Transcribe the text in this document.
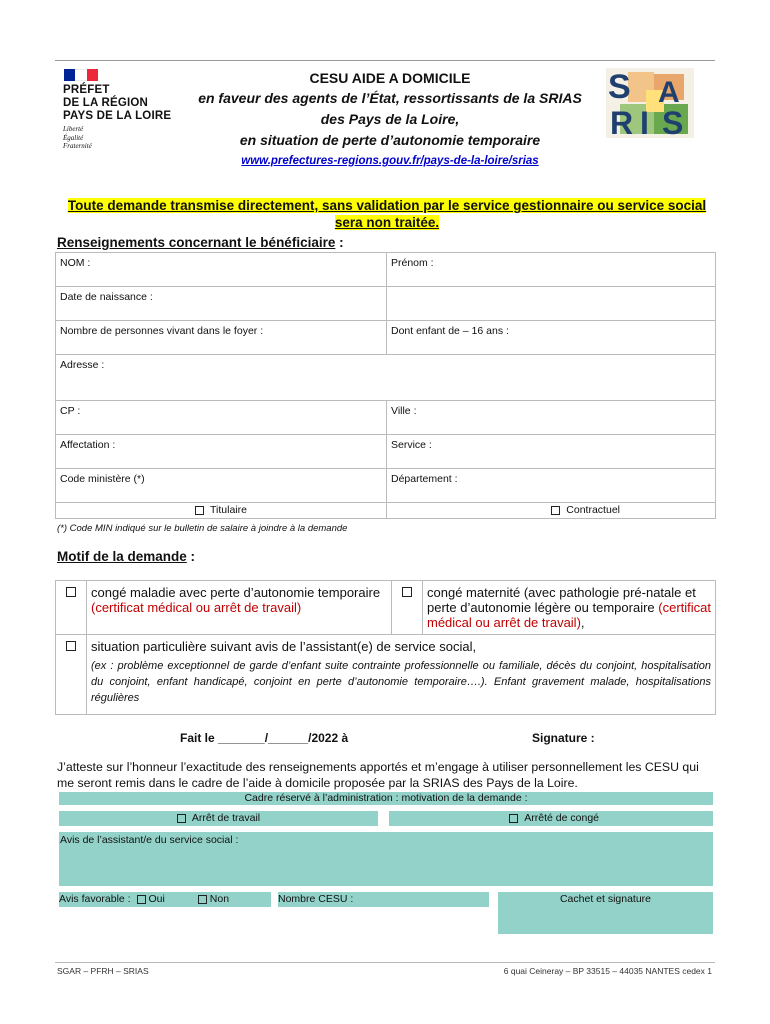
PRÉFET
DE LA RÉGION
PAYS DE LA LOIRE
Liberté
Égalité
Fraternité
CESU AIDE A DOMICILE
en faveur des agents de l’État, ressortissants de la SRIAS
des Pays de la Loire,
en situation de perte d’autonomie temporaire
www.prefectures-regions.gouv.fr/pays-de-la-loire/srias
S A
R I S
Toute demande transmise directement, sans validation par le service gestionnaire ou service social sera non traitée.
Renseignements concernant le bénéficiaire :
NOM :	Prénom :
Date de naissance :	
Nombre de personnes vivant dans le foyer :	Dont enfant de – 16 ans :
Adresse :	
CP :	Ville :
Affectation :	Service :
Code ministère (*)	Département :
Titulaire	Contractuel
(*) Code MIN indiqué sur le bulletin de salaire à joindre à la demande
Motif de la demande :
	congé maladie avec perte d’autonomie temporaire (certificat médical ou arrêt de travail)		congé maternité (avec pathologie pré-natale et perte d’autonomie légère ou temporaire (certificat médical ou arrêt de travail),

	situation particulière suivant avis de l’assistant(e) de service social,
(ex : problème exceptionnel de garde d’enfant suite contrainte professionnelle ou familiale, décès du conjoint, hospitalisation du conjoint, enfant handicapé, conjoint en perte d’autonomie temporaire….). Enfant gravement malade, hospitalisations régulières		
Fait le _______/______/2022 à	Signature :
J’atteste sur l’honneur l’exactitude des renseignements apportés et m’engage à utiliser personnellement les CESU qui me seront remis dans le cadre de l’aide à domicile proposée par la SRIAS des Pays de la Loire.
Cadre réservé à l’administration : motivation de la demande :
Arrêt de travail	Arrêté de congé
Avis de l’assistant/e du service social :
Avis favorable : Oui	Non	Nombre CESU :	Cachet et signature
SGAR – PFRH – SRIAS	6 quai Ceineray – BP 33515 – 44035 NANTES cedex 1
